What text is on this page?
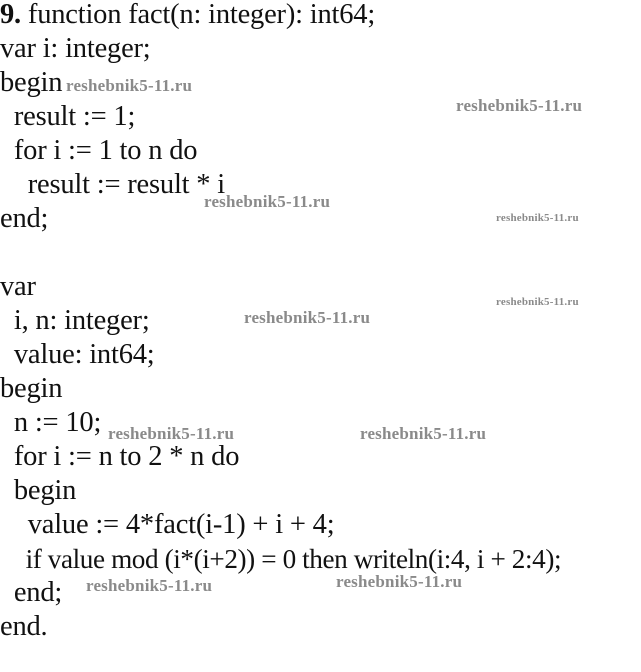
9. function fact(n: integer): int64;
var i: integer;
begin
result := 1;
for i := 1 to n do
result := result * i
end;
var
i, n: integer;
value: int64;
begin
n := 10;
for i := n to 2 * n do
begin
value := 4*fact(i-1) + i + 4;
if value mod (i*(i+2)) = 0 then writeln(i:4, i + 2:4);
end;
end.
reshebnik5-11.ru
reshebnik5-11.ru
reshebnik5-11.ru
reshebnik5-11.ru
reshebnik5-11.ru
reshebnik5-11.ru
reshebnik5-11.ru	reshebnik5-11.ru
reshebnik5-11.ru	reshebnik5-11.ru
